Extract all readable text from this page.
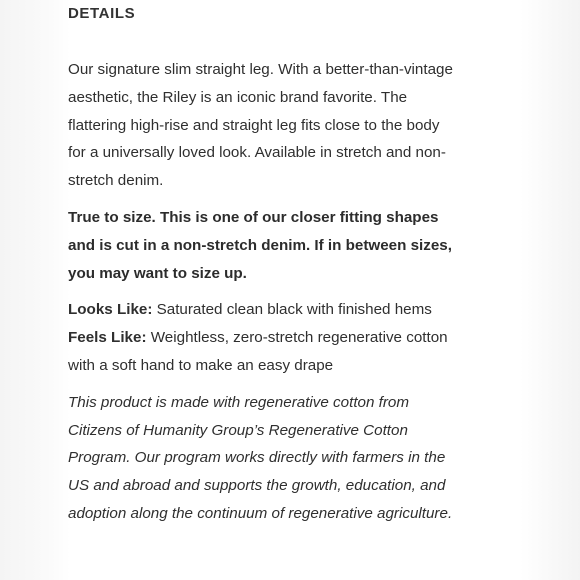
DETAILS

Our signature slim straight leg. With a better-than-vintage aesthetic, the Riley is an iconic brand favorite. The flattering high-rise and straight leg fits close to the body for a universally loved look. Available in stretch and non-stretch denim.

True to size. This is one of our closer fitting shapes and is cut in a non-stretch denim. If in between sizes, you may want to size up.

Looks Like: Saturated clean black with finished hems
Feels Like: Weightless, zero-stretch regenerative cotton with a soft hand to make an easy drape

This product is made with regenerative cotton from Citizens of Humanity Group’s Regenerative Cotton Program. Our program works directly with farmers in the US and abroad and supports the growth, education, and adoption along the continuum of regenerative agriculture.
